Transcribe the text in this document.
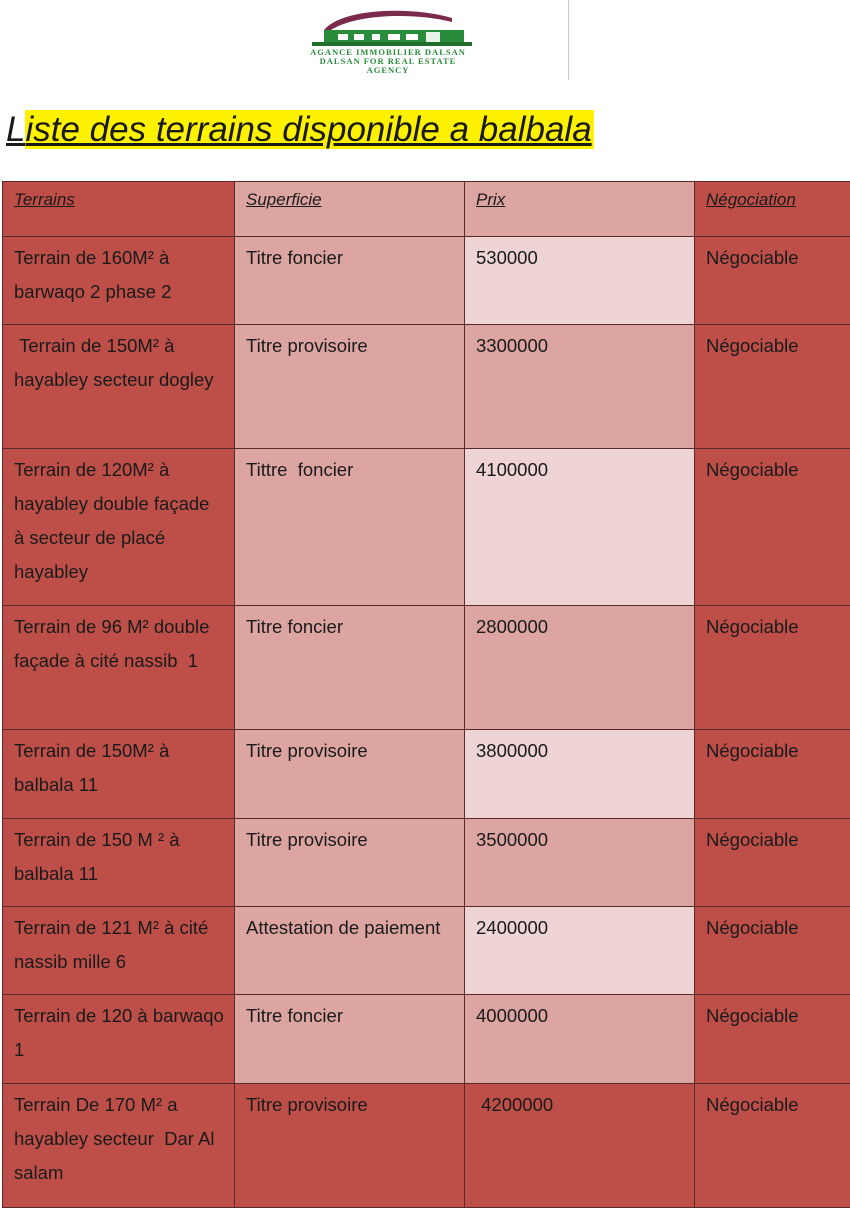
AGANCE IMMOBILIER DALSAN
DALSAN FOR REAL ESTATE
AGENCY
Liste des terrains disponible a balbala
Terrains	Superficie	Prix	Négociation
Terrain de 160M² à barwaqo 2 phase 2	Titre foncier	530000	Négociable
Terrain de 150M² à hayabley secteur dogley	Titre provisoire	3300000	Négociable
Terrain de 120M² à hayabley double façade à secteur de placé hayabley	Tittre  foncier	4100000	Négociable
Terrain de 96 M² double façade à cité nassib  1	Titre foncier	2800000	Négociable
Terrain de 150M² à balbala 11	Titre provisoire	3800000	Négociable
Terrain de 150 M ² à balbala 11	Titre provisoire	3500000	Négociable
Terrain de 121 M² à cité nassib mille 6	Attestation de paiement	2400000	Négociable
Terrain de 120 à barwaqo 1	Titre foncier	4000000	Négociable
Terrain De 170 M² a hayabley secteur  Dar Al salam	Titre provisoire	4200000	Négociable
